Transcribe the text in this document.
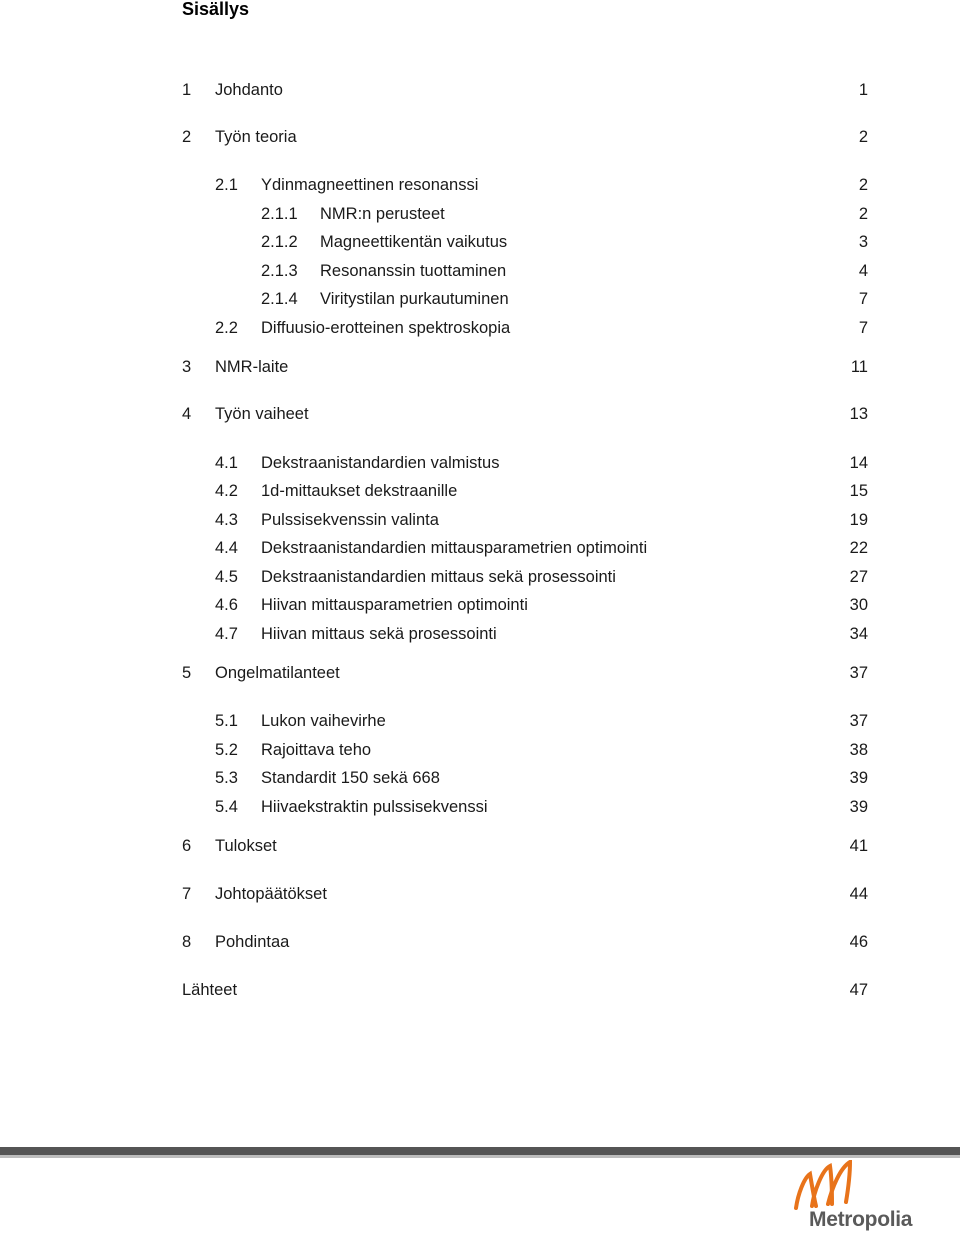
Sisällys
1 Johdanto	1
2 Työn teoria	2
2.1 Ydinmagneettinen resonanssi	2
2.1.1 NMR:n perusteet	2
2.1.2 Magneettikentän vaikutus	3
2.1.3 Resonanssin tuottaminen	4
2.1.4 Viritystilan purkautuminen	7
2.2 Diffuusio-erotteinen spektroskopia	7
3 NMR-laite	11
4 Työn vaiheet	13
4.1 Dekstraanistandardien valmistus	14
4.2 1d-mittaukset dekstraanille	15
4.3 Pulssisekvenssin valinta	19
4.4 Dekstraanistandardien mittausparametrien optimointi	22
4.5 Dekstraanistandardien mittaus sekä prosessointi	27
4.6 Hiivan mittausparametrien optimointi	30
4.7 Hiivan mittaus sekä prosessointi	34
5 Ongelmatilanteet	37
5.1 Lukon vaihevirhe	37
5.2 Rajoittava teho	38
5.3 Standardit 150 sekä 668	39
5.4 Hiivaekstraktin pulssisekvenssi	39
6 Tulokset	41
7 Johtopäätökset	44
8 Pohdintaa	46
Lähteet	47
Metropolia
